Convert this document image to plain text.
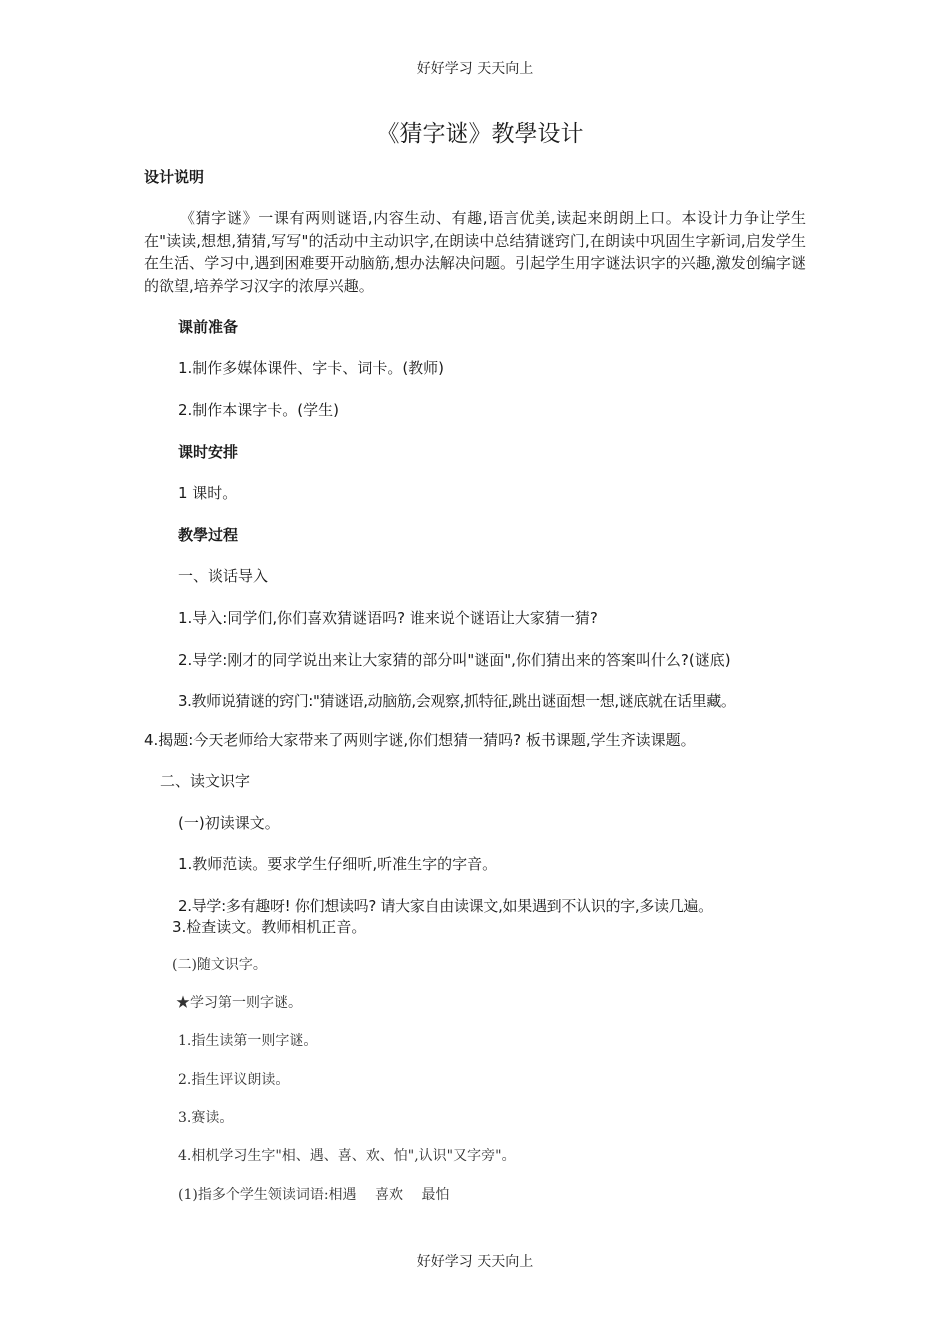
好好学习 天天向上
《猜字谜》教學设计
设计说明
《猜字谜》一课有两则谜语,内容生动、有趣,语言优美,读起来朗朗上口。本设计力争让学生在"读读,想想,猜猜,写写"的活动中主动识字,在朗读中总结猜谜窍门,在朗读中巩固生字新词,启发学生在生活、学习中,遇到困难要开动脑筋,想办法解决问题。引起学生用字谜法识字的兴趣,激发创编字谜的欲望,培养学习汉字的浓厚兴趣。
课前准备
1.制作多媒体课件、字卡、词卡。(教师)
2.制作本课字卡。(学生)
课时安排
1 课时。
教學过程
一、谈话导入
1.导入:同学们,你们喜欢猜谜语吗? 谁来说个谜语让大家猜一猜?
2.导学:刚才的同学说出来让大家猜的部分叫"谜面",你们猜出来的答案叫什么?(谜底)
3.教师说猜谜的窍门:"猜谜语,动脑筋,会观察,抓特征,跳出谜面想一想,谜底就在话里藏。
4.揭题:今天老师给大家带来了两则字谜,你们想猜一猜吗? 板书课题,学生齐读课题。
二、读文识字
(一)初读课文。
1.教师范读。要求学生仔细听,听准生字的字音。
2.导学:多有趣呀! 你们想读吗? 请大家自由读课文,如果遇到不认识的字,多读几遍。
3.检查读文。教师相机正音。
(二)随文识字。
★学习第一则字谜。
1.指生读第一则字谜。
2.指生评议朗读。
3.赛读。
4.相机学习生字"相、遇、喜、欢、怕",认识"又字旁"。
(1)指多个学生领读词语:相遇　 喜欢　 最怕
好好学习 天天向上
